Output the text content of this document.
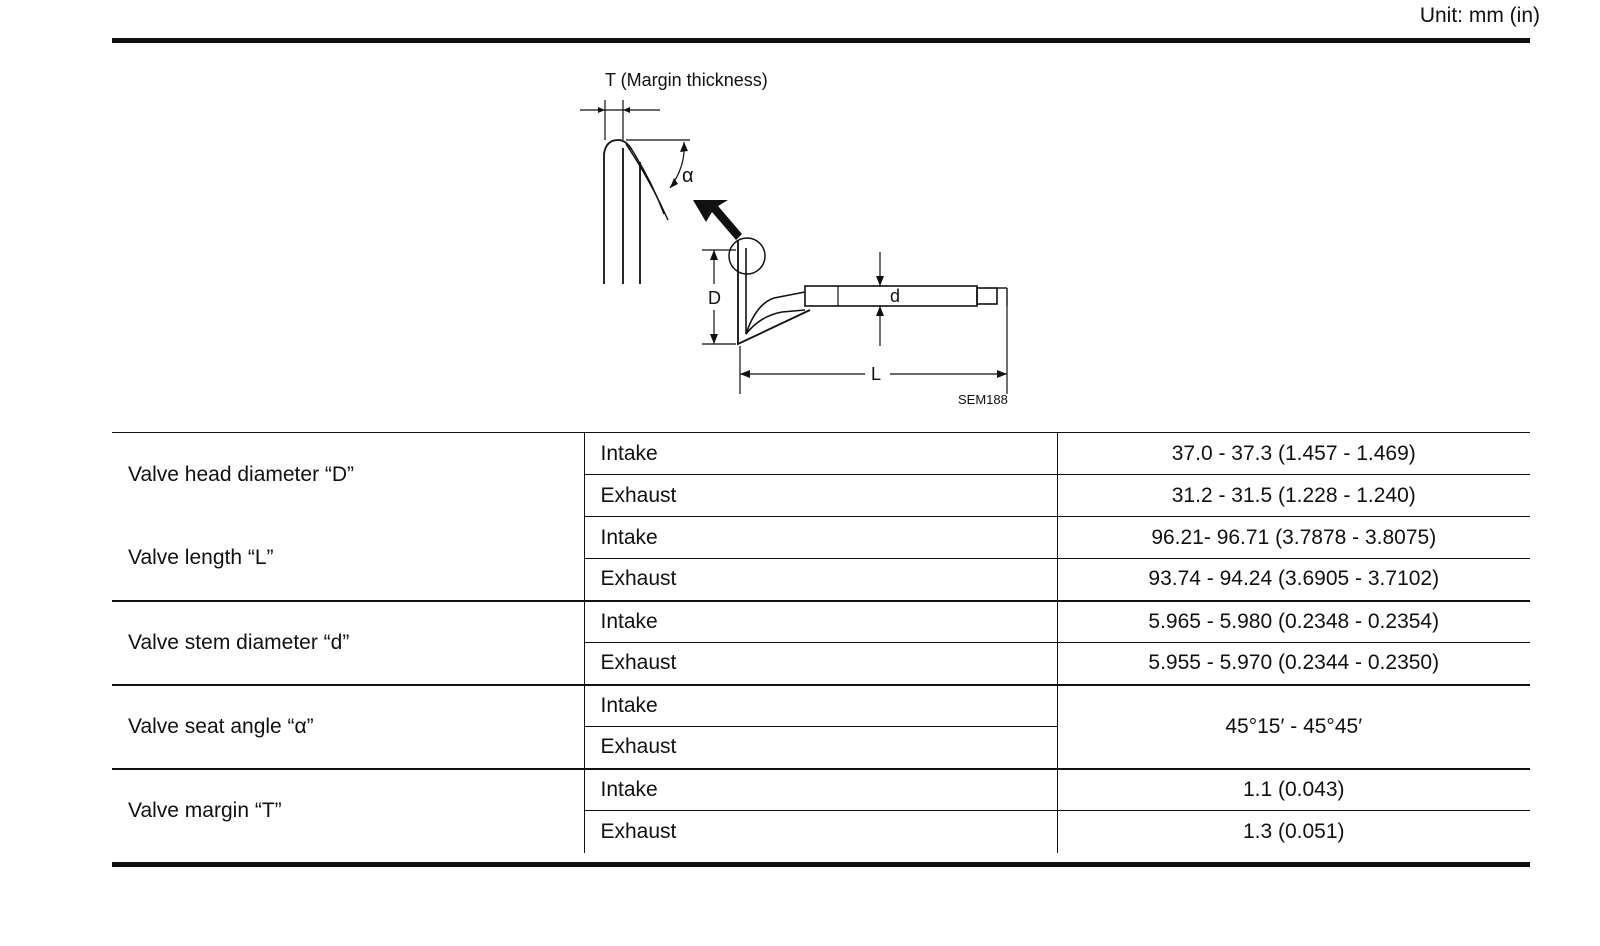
Unit: mm (in)
T (Margin thickness)
α
D	d
L
SEM188
Valve head diameter “D”	Intake	37.0 - 37.3 (1.457 - 1.469)
	Exhaust	31.2 - 31.5 (1.228 - 1.240)
Valve length “L”	Intake	96.21- 96.71 (3.7878 - 3.8075)
	Exhaust	93.74 - 94.24 (3.6905 - 3.7102)
Valve stem diameter “d”	Intake	5.965 - 5.980 (0.2348 - 0.2354)
	Exhaust	5.955 - 5.970 (0.2344 - 0.2350)
Valve seat angle “α”	Intake	45°15′ - 45°45′
	Exhaust	
Valve margin “T”	Intake	1.1 (0.043)
	Exhaust	1.3 (0.051)
